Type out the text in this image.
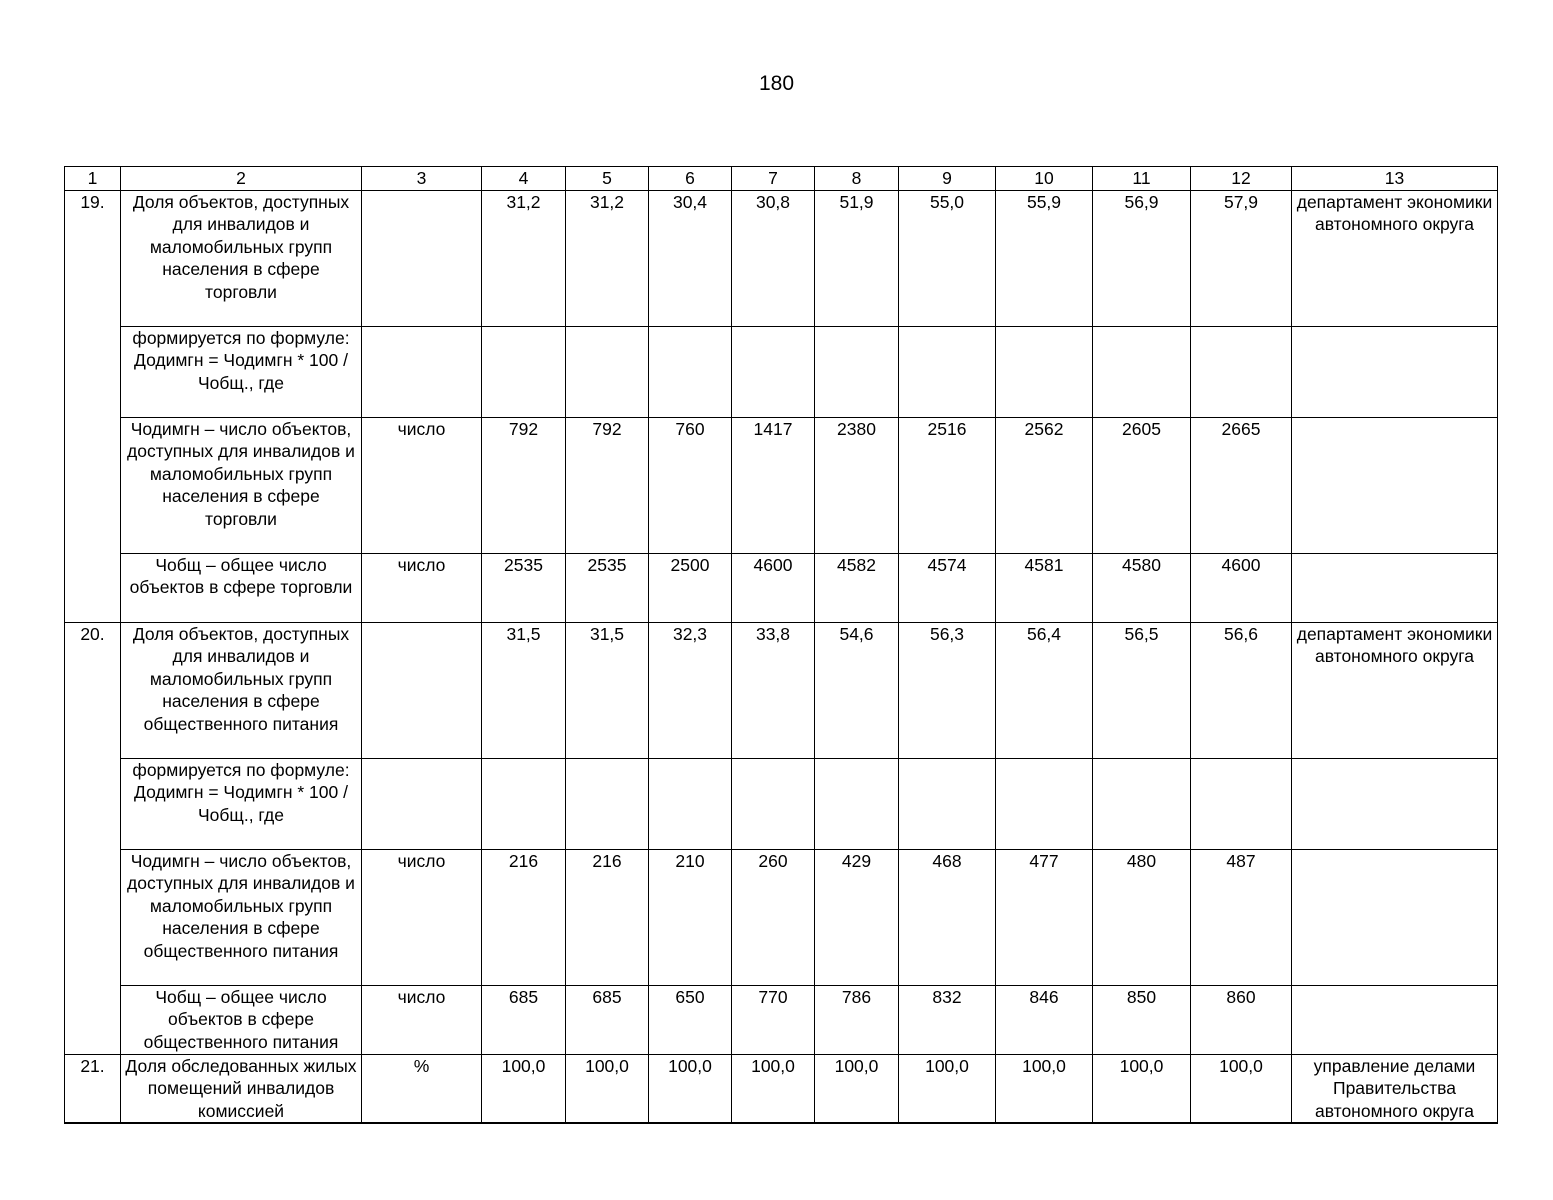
180
1	2	3	4	5	6	7	8	9	10	11	12	13
19.	Доля объектов, доступных для инвалидов и маломобильных групп населения в сфере торговли		31,2	31,2	30,4	30,8	51,9	55,0	55,9	56,9	57,9	департамент экономики автономного округа
	формируется по формуле: Додимгн = Чодимгн * 100 / Чобщ., где											
	Чодимгн – число объектов, доступных для инвалидов и маломобильных групп населения в сфере торговли	число	792	792	760	1417	2380	2516	2562	2605	2665	
	Чобщ – общее число объектов в сфере торговли	число	2535	2535	2500	4600	4582	4574	4581	4580	4600	
20.	Доля объектов, доступных для инвалидов и маломобильных групп населения в сфере общественного питания		31,5	31,5	32,3	33,8	54,6	56,3	56,4	56,5	56,6	департамент экономики автономного округа
	формируется по формуле: Додимгн = Чодимгн * 100 / Чобщ., где											
	Чодимгн – число объектов, доступных для инвалидов и маломобильных групп населения в сфере общественного питания	число	216	216	210	260	429	468	477	480	487	
	Чобщ – общее число объектов в сфере общественного питания	число	685	685	650	770	786	832	846	850	860	
21.	Доля обследованных жилых помещений инвалидов комиссией	%	100,0	100,0	100,0	100,0	100,0	100,0	100,0	100,0	100,0	управление делами Правительства автономного округа
